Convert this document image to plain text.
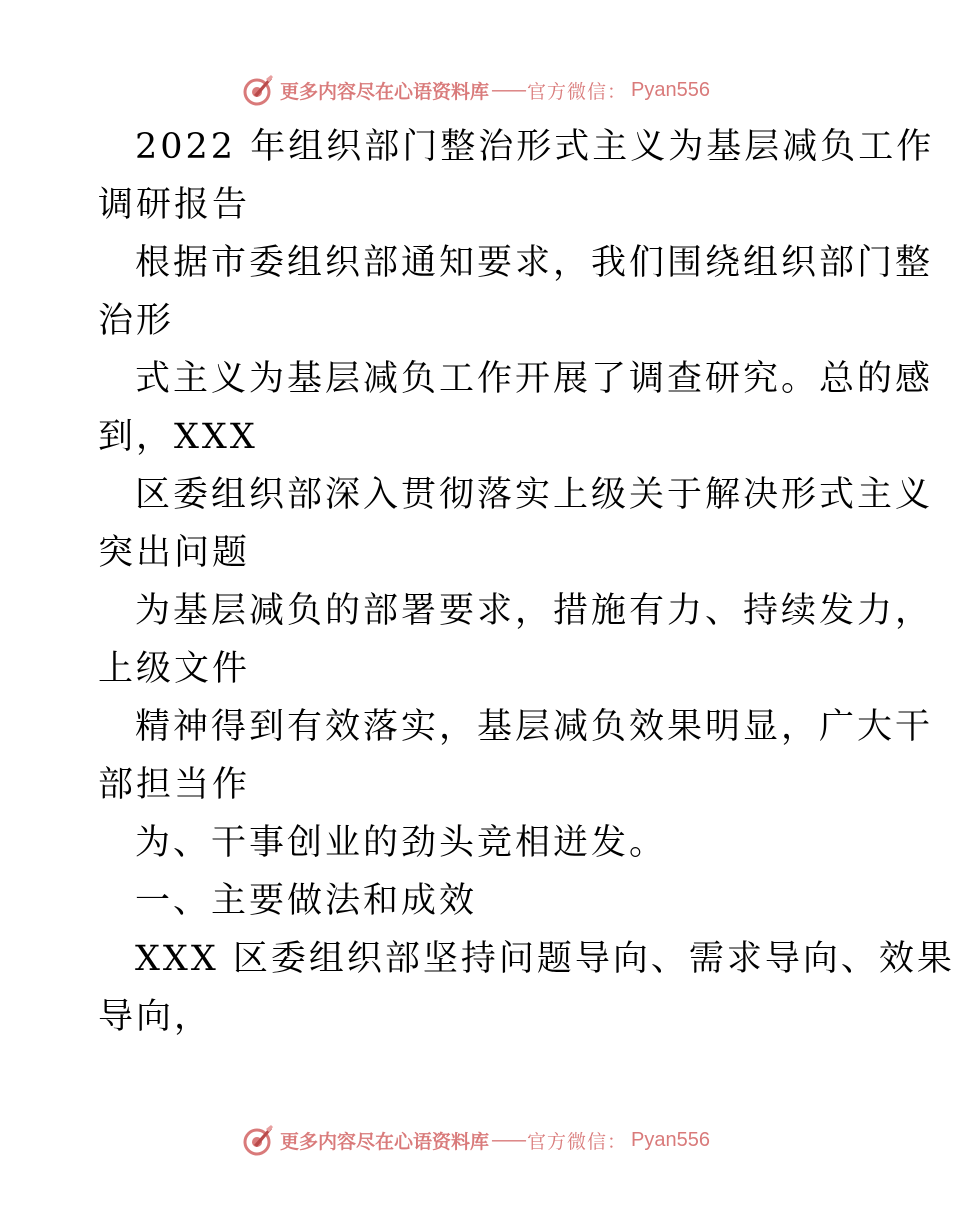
更多内容尽在心语资料库 —— 官方微信： Pyan556
2022 年组织部门整治形式主义为基层减负工作
调研报告
根据市委组织部通知要求，我们围绕组织部门整
治形
式主义为基层减负工作开展了调查研究。总的感
到，XXX
区委组织部深入贯彻落实上级关于解决形式主义
突出问题
为基层减负的部署要求，措施有力、持续发力，
上级文件
精神得到有效落实，基层减负效果明显，广大干
部担当作
为、干事创业的劲头竞相迸发。
一、主要做法和成效
XXX 区委组织部坚持问题导向、需求导向、效果
导向，
更多内容尽在心语资料库 —— 官方微信： Pyan556
